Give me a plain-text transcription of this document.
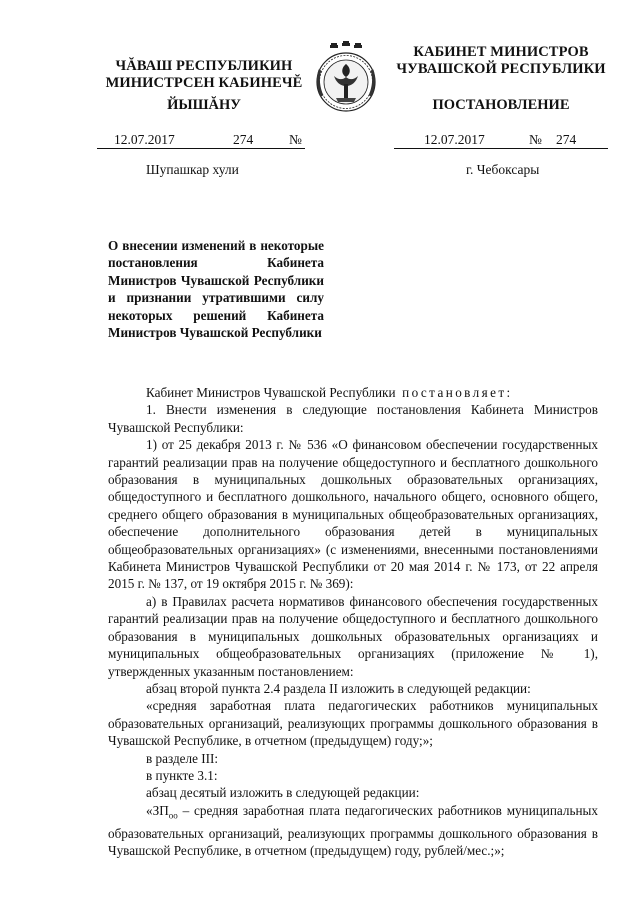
ЧĂВАШ РЕСПУБЛИКИН
МИНИСТРСЕН КАБИНЕЧĔ
КАБИНЕТ МИНИСТРОВ
ЧУВАШСКОЙ РЕСПУБЛИКИ
ЙЫШĂНУ	ПОСТАНОВЛЕНИЕ
12.07.2017	274	№	12.07.2017	№ 274
Шупашкар хули	г. Чебоксары
О внесении изменений в некоторые постановления Кабинета Министров Чувашской Республики и признании утратившими силу некоторых решений Кабинета Министров Чувашской Республики

Кабинет Министров Чувашской Республики постановляет:

1. Внести изменения в следующие постановления Кабинета Министров Чувашской Республики:

1) от 25 декабря 2013 г. № 536 «О финансовом обеспечении государственных гарантий реализации прав на получение общедоступного и бесплатного дошкольного образования в муниципальных дошкольных образовательных организациях, общедоступного и бесплатного дошкольного, начального общего, основного общего, среднего общего образования в муниципальных общеобразовательных организациях, обеспечение дополнительного образования детей в муниципальных общеобразовательных организациях» (с изменениями, внесенными постановлениями Кабинета Министров Чувашской Республики от 20 мая 2014 г. № 173, от 22 апреля 2015 г. № 137, от 19 октября 2015 г. № 369):

а) в Правилах расчета нормативов финансового обеспечения государственных гарантий реализации прав на получение общедоступного и бесплатного дошкольного образования в муниципальных дошкольных образовательных организациях и муниципальных общеобразовательных организациях (приложение № 1), утвержденных указанным постановлением:

абзац второй пункта 2.4 раздела II изложить в следующей редакции:

«средняя заработная плата педагогических работников муниципальных образовательных организаций, реализующих программы дошкольного образования в Чувашской Республике, в отчетном (предыдущем) году;»;

в разделе III:

в пункте 3.1:

абзац десятый изложить в следующей редакции:

«$ЗП_{оо}$ – средняя заработная плата педагогических работников муниципальных образовательных организаций, реализующих программы дошкольного образования в Чувашской Республике, в отчетном (предыдущем) году, рублей/мес.;»;
